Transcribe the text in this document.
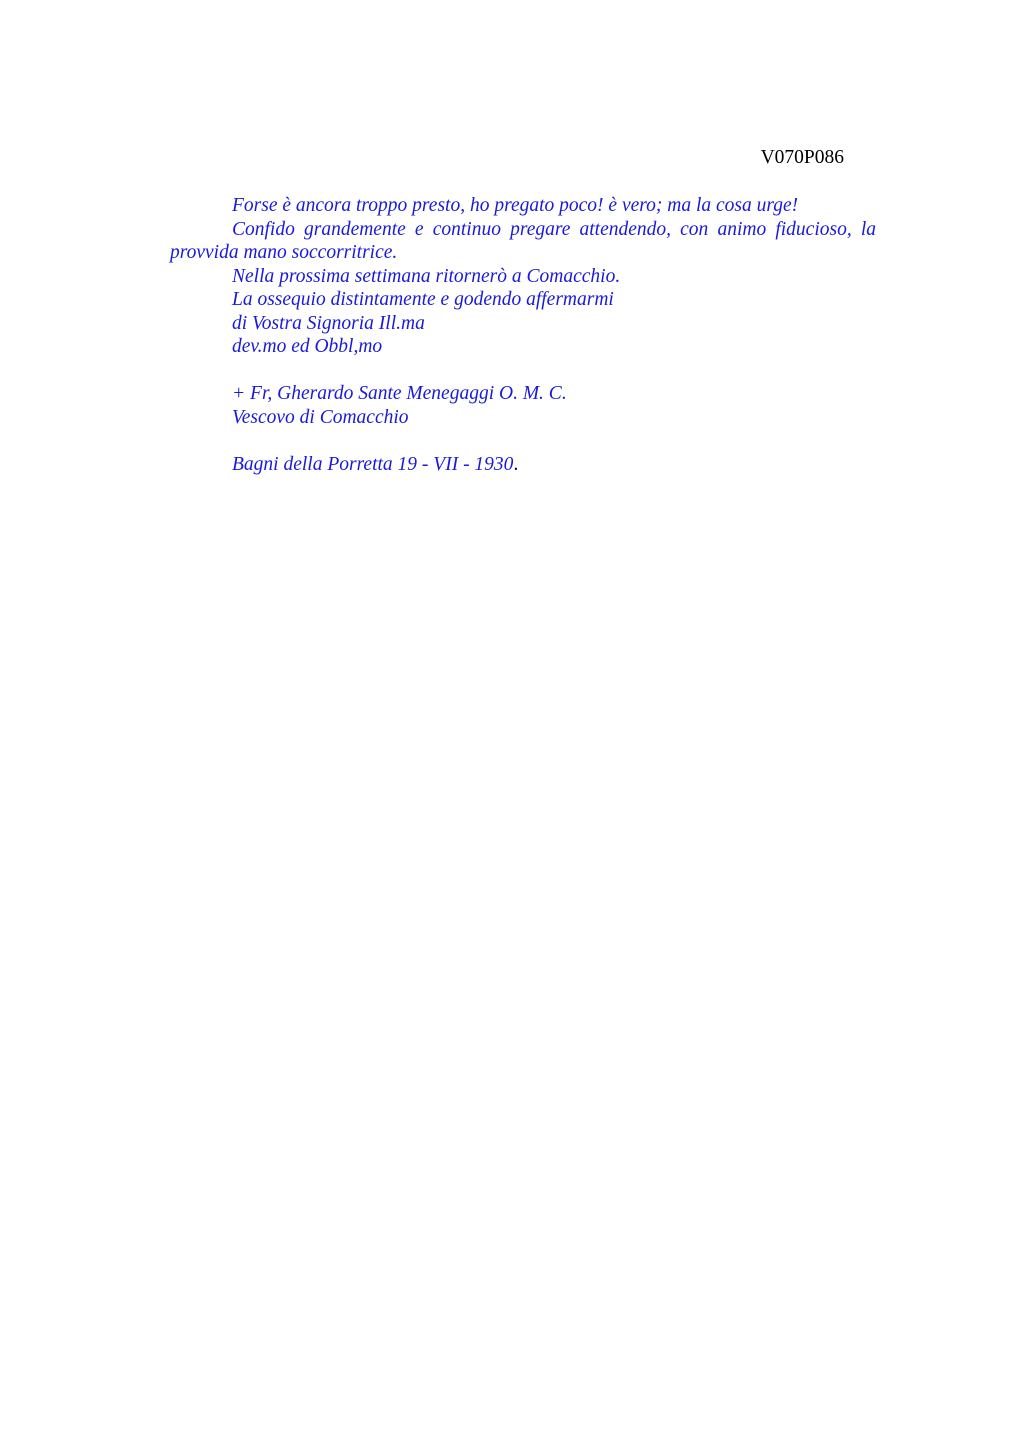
V070P086

Forse è ancora troppo presto, ho pregato poco! è vero; ma la cosa urge!

Confido grandemente e continuo pregare attendendo, con animo fiducioso, la provvida mano soccorritrice.

Nella prossima settimana ritornerò a Comacchio.

La ossequio distintamente e godendo affermarmi

di Vostra Signoria Ill.ma

dev.mo ed Obbl,mo

+ Fr, Gherardo Sante Menegaggi O. M. C.

Vescovo di Comacchio

Bagni della Porretta 19 - VII - 1930.
